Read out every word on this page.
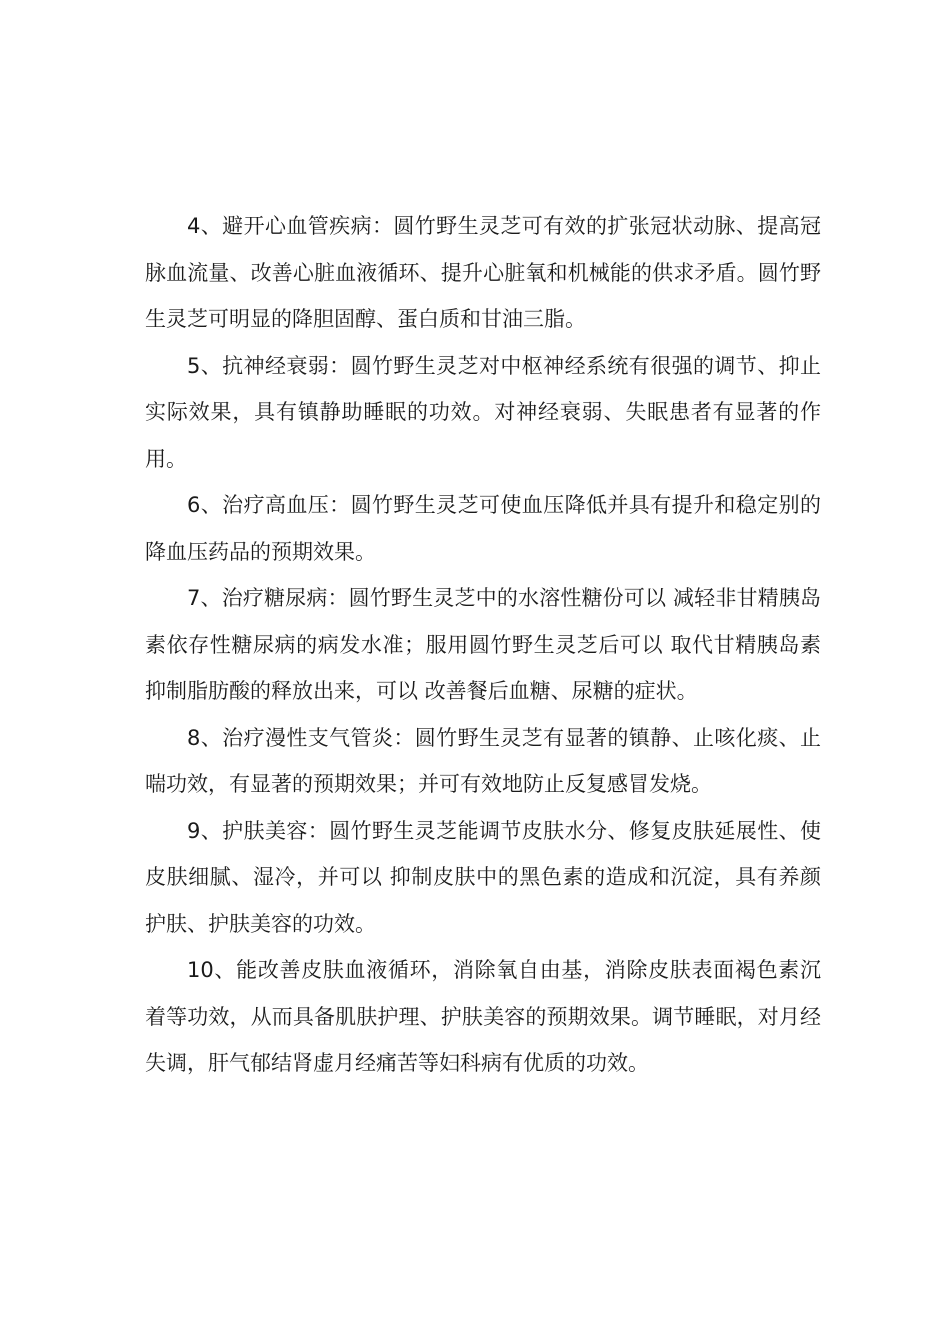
4、避开心血管疾病：圆竹野生灵芝可有效的扩张冠状动脉、提高冠脉血流量、改善心脏血液循环、提升心脏氧和机械能的供求矛盾。圆竹野生灵芝可明显的降胆固醇、蛋白质和甘油三脂。

5、抗神经衰弱：圆竹野生灵芝对中枢神经系统有很强的调节、抑止实际效果，具有镇静助睡眠的功效。对神经衰弱、失眠患者有显著的作用。

6、治疗高血压：圆竹野生灵芝可使血压降低并具有提升和稳定别的降血压药品的预期效果。

7、治疗糖尿病：圆竹野生灵芝中的水溶性糖份可以 减轻非甘精胰岛素依存性糖尿病的病发水准；服用圆竹野生灵芝后可以 取代甘精胰岛素抑制脂肪酸的释放出来，可以 改善餐后血糖、尿糖的症状。

8、治疗漫性支气管炎：圆竹野生灵芝有显著的镇静、止咳化痰、止喘功效，有显著的预期效果；并可有效地防止反复感冒发烧。

9、护肤美容：圆竹野生灵芝能调节皮肤水分、修复皮肤延展性、使皮肤细腻、湿冷，并可以 抑制皮肤中的黑色素的造成和沉淀，具有养颜护肤、护肤美容的功效。

10、能改善皮肤血液循环，消除氧自由基，消除皮肤表面褐色素沉着等功效，从而具备肌肤护理、护肤美容的预期效果。调节睡眠，对月经失调，肝气郁结肾虚月经痛苦等妇科病有优质的功效。
